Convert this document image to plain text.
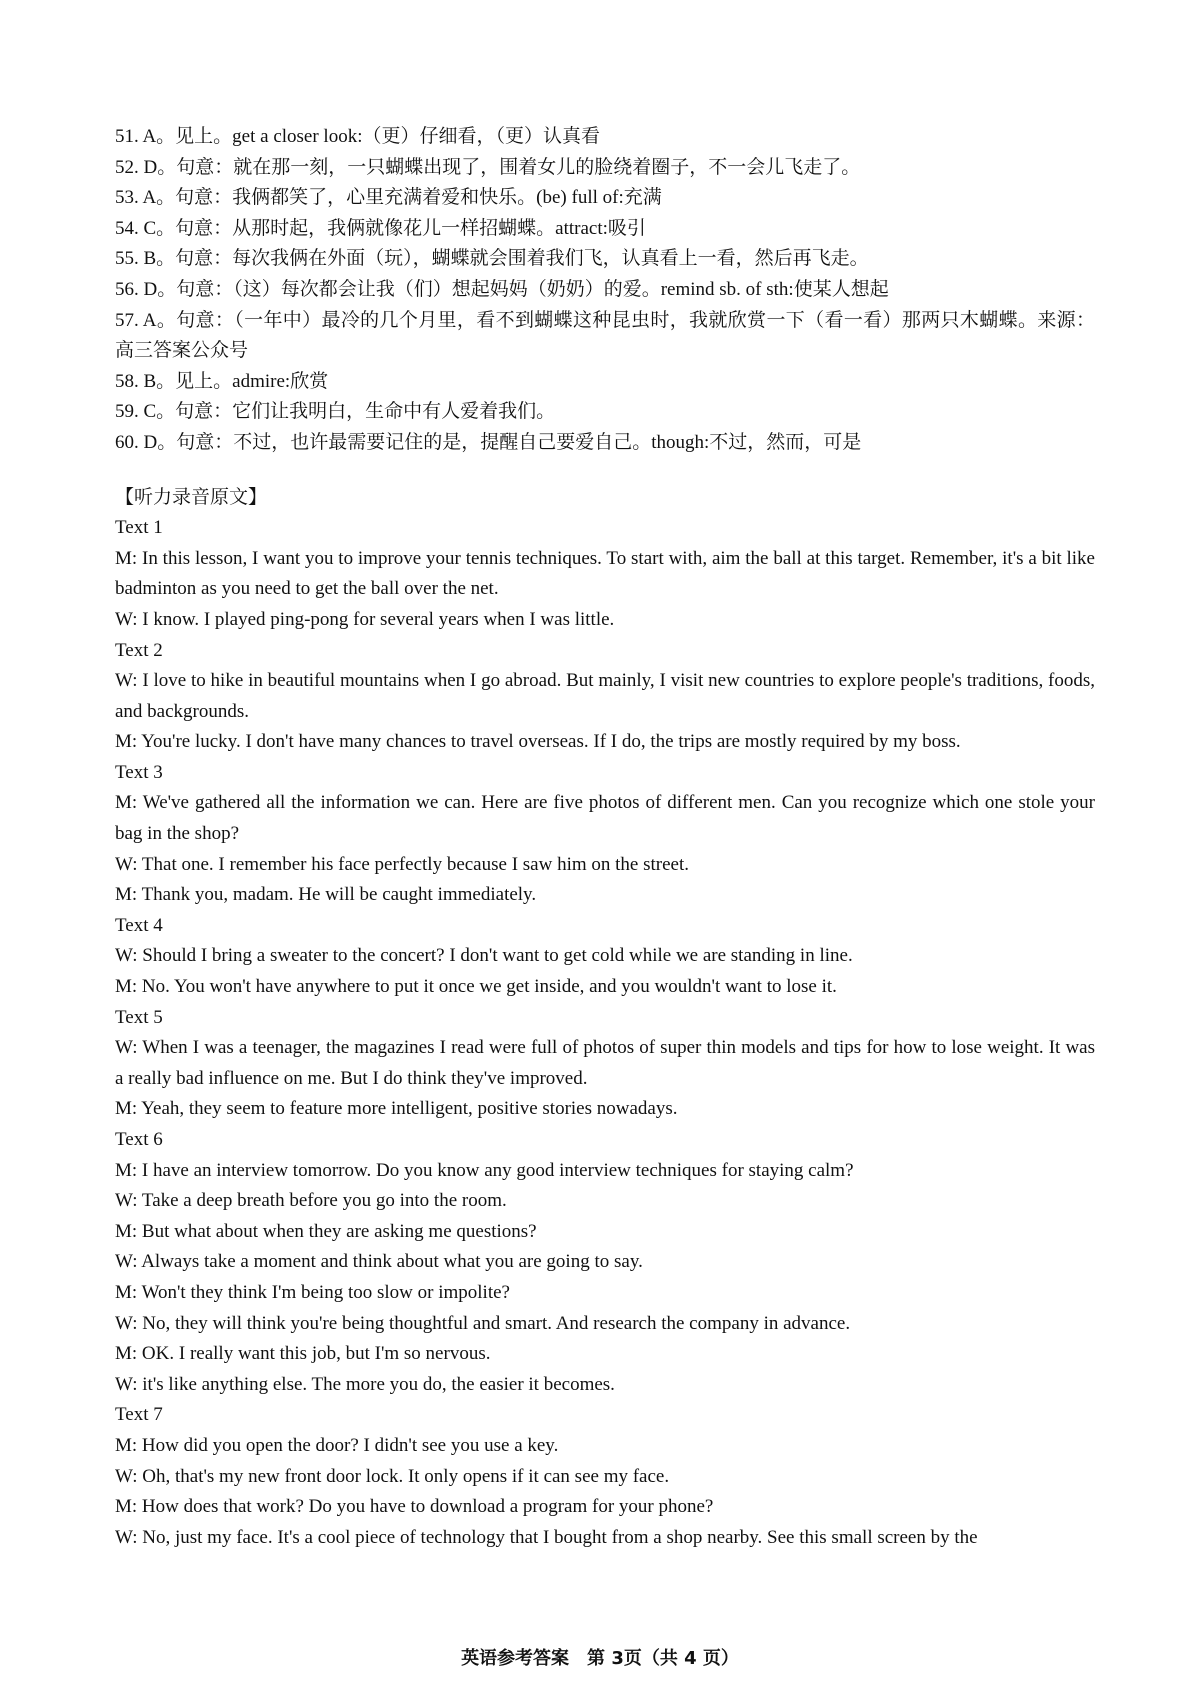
51. A。见上。get a closer look:（更）仔细看，（更）认真看
52. D。句意：就在那一刻，一只蝴蝶出现了，围着女儿的脸绕着圈子，不一会儿飞走了。
53. A。句意：我俩都笑了，心里充满着爱和快乐。(be) full of:充满
54. C。句意：从那时起，我俩就像花儿一样招蝴蝶。attract:吸引
55. B。句意：每次我俩在外面（玩），蝴蝶就会围着我们飞，认真看上一看，然后再飞走。
56. D。句意：（这）每次都会让我（们）想起妈妈（奶奶）的爱。remind sb. of sth:使某人想起
57. A。句意：（一年中）最冷的几个月里，看不到蝴蝶这种昆虫时，我就欣赏一下（看一看）那两只木蝴蝶。来源：高三答案公众号
58. B。见上。admire:欣赏
59. C。句意：它们让我明白，生命中有人爱着我们。
60. D。句意：不过，也许最需要记住的是，提醒自己要爱自己。though:不过，然而，可是
【听力录音原文】
Text 1
M: In this lesson, I want you to improve your tennis techniques. To start with, aim the ball at this target. Remember, it's a bit like badminton as you need to get the ball over the net.
W: I know. I played ping-pong for several years when I was little.
Text 2
W: I love to hike in beautiful mountains when I go abroad. But mainly, I visit new countries to explore people's traditions, foods, and backgrounds.
M: You're lucky. I don't have many chances to travel overseas. If I do, the trips are mostly required by my boss.
Text 3
M: We've gathered all the information we can. Here are five photos of different men. Can you recognize which one stole your bag in the shop?
W: That one. I remember his face perfectly because I saw him on the street.
M: Thank you, madam. He will be caught immediately.
Text 4
W: Should I bring a sweater to the concert? I don't want to get cold while we are standing in line.
M: No. You won't have anywhere to put it once we get inside, and you wouldn't want to lose it.
Text 5
W: When I was a teenager, the magazines I read were full of photos of super thin models and tips for how to lose weight. It was a really bad influence on me. But I do think they've improved.
M: Yeah, they seem to feature more intelligent, positive stories nowadays.
Text 6
M: I have an interview tomorrow. Do you know any good interview techniques for staying calm?
W: Take a deep breath before you go into the room.
M: But what about when they are asking me questions?
W: Always take a moment and think about what you are going to say.
M: Won't they think I'm being too slow or impolite?
W: No, they will think you're being thoughtful and smart. And research the company in advance.
M: OK. I really want this job, but I'm so nervous.
W: it's like anything else. The more you do, the easier it becomes.
Text 7
M: How did you open the door? I didn't see you use a key.
W: Oh, that's my new front door lock. It only opens if it can see my face.
M: How does that work? Do you have to download a program for your phone?
W: No, just my face. It's a cool piece of technology that I bought from a shop nearby. See this small screen by the
英语参考答案　第 3页（共 4 页）
